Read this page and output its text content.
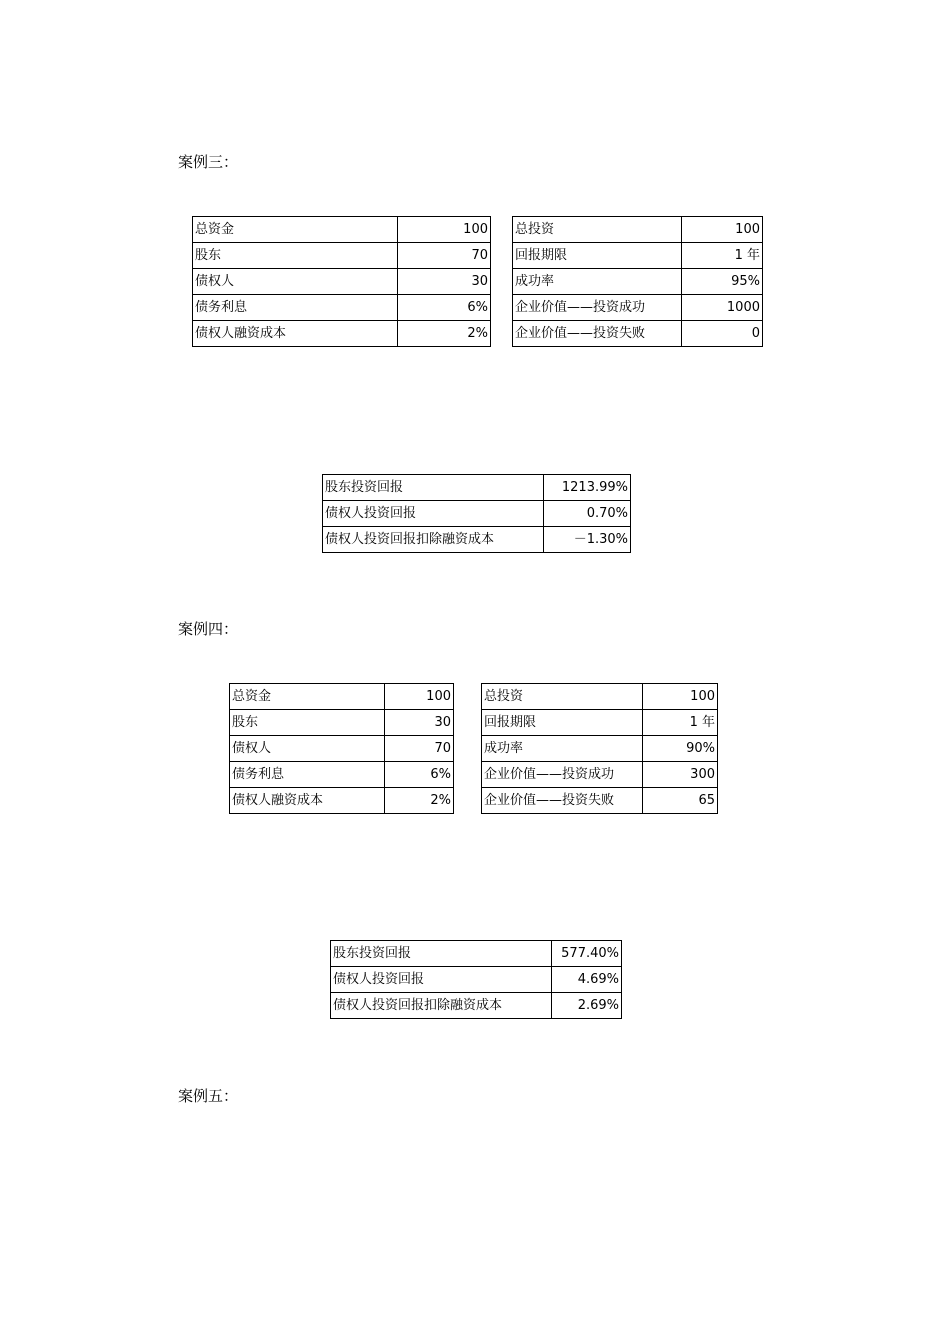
案例三：
总资金	100		总投资	100
股东	70		回报期限	1 年
债权人	30		成功率	95%
债务利息	6%		企业价值——投资成功	1000
债权人融资成本	2%		企业价值——投资失败	0
股东投资回报	1213.99%
债权人投资回报	0.70%
债权人投资回报扣除融资成本	－1.30%
案例四：
总资金	100		总投资	100
股东	30		回报期限	1 年
债权人	70		成功率	90%
债务利息	6%		企业价值——投资成功	300
债权人融资成本	2%		企业价值——投资失败	65
股东投资回报	577.40%
债权人投资回报	4.69%
债权人投资回报扣除融资成本	2.69%
案例五：
